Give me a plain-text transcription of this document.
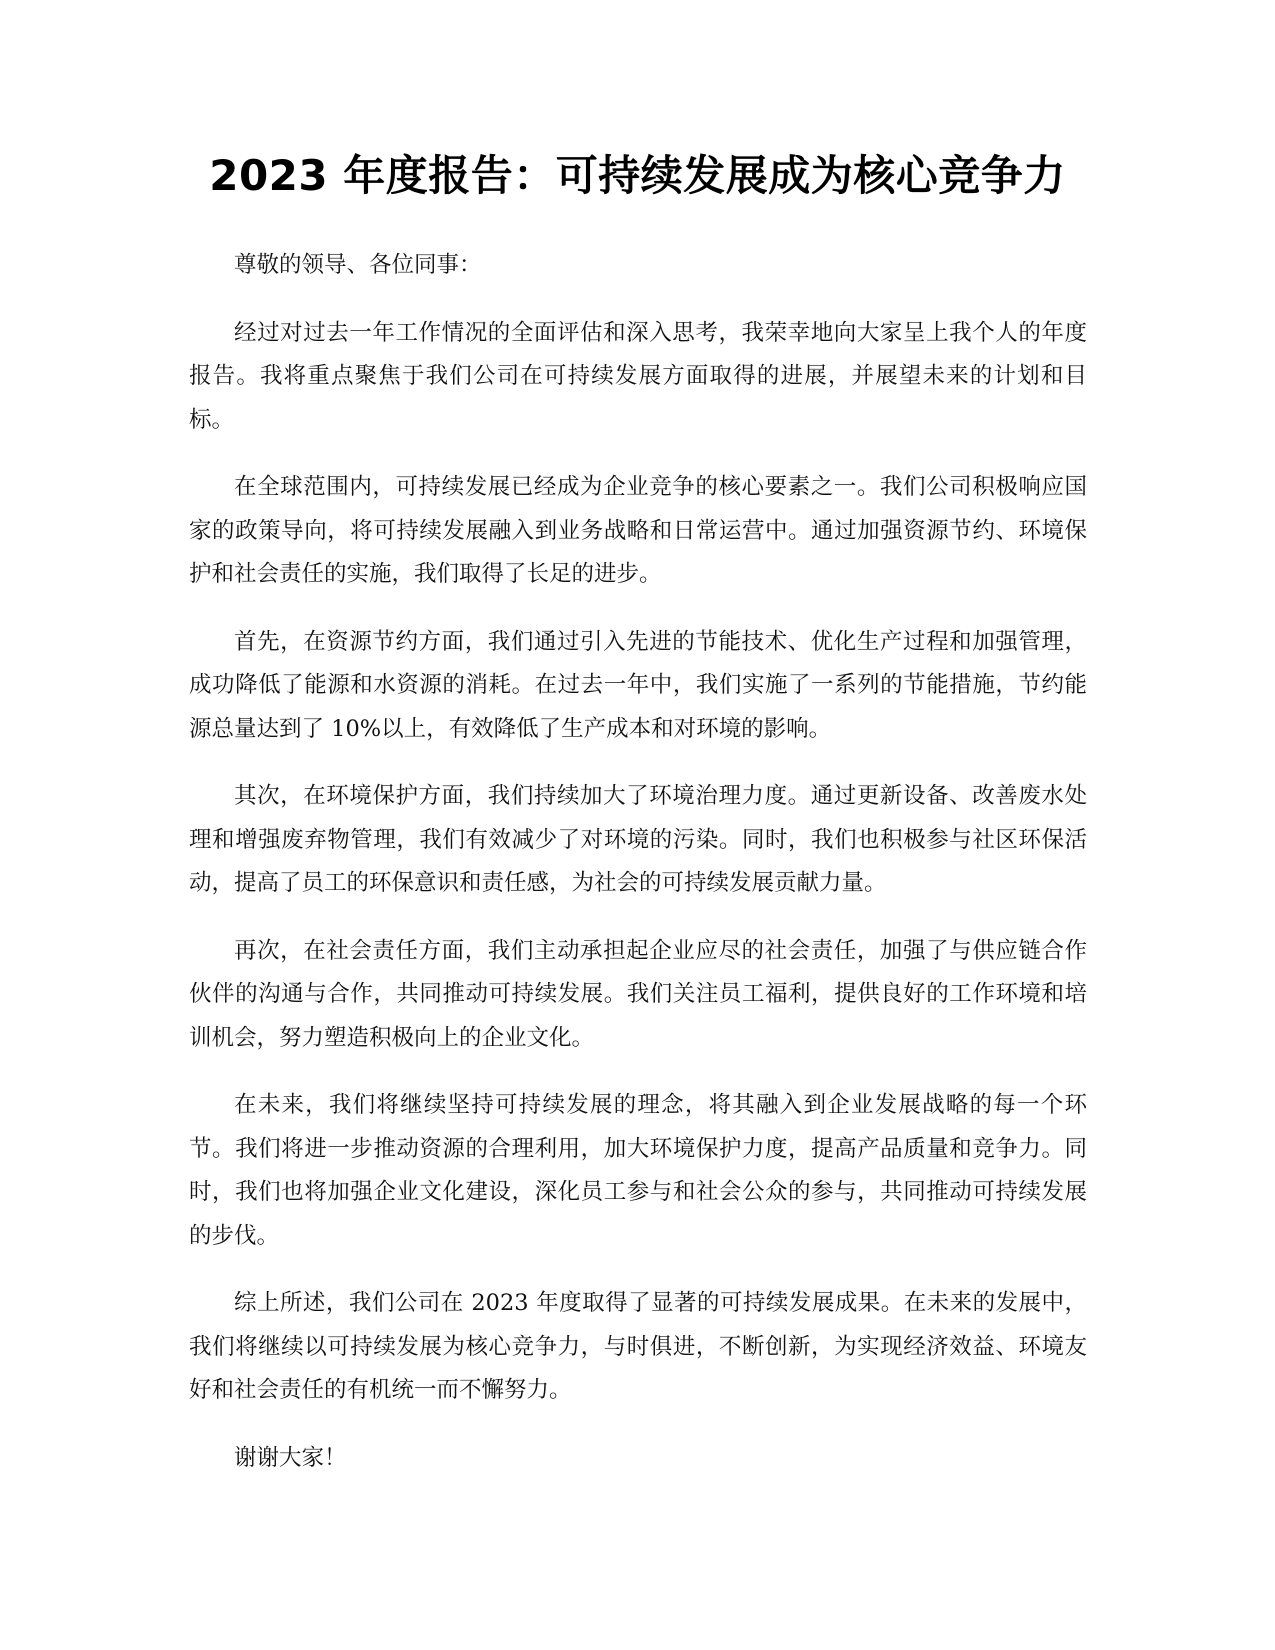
2023 年度报告：可持续发展成为核心竞争力

尊敬的领导、各位同事：

经过对过去一年工作情况的全面评估和深入思考，我荣幸地向大家呈上我个人的年度报告。我将重点聚焦于我们公司在可持续发展方面取得的进展，并展望未来的计划和目标。

在全球范围内，可持续发展已经成为企业竞争的核心要素之一。我们公司积极响应国家的政策导向，将可持续发展融入到业务战略和日常运营中。通过加强资源节约、环境保护和社会责任的实施，我们取得了长足的进步。

首先，在资源节约方面，我们通过引入先进的节能技术、优化生产过程和加强管理，成功降低了能源和水资源的消耗。在过去一年中，我们实施了一系列的节能措施，节约能源总量达到了 10%以上，有效降低了生产成本和对环境的影响。

其次，在环境保护方面，我们持续加大了环境治理力度。通过更新设备、改善废水处理和增强废弃物管理，我们有效减少了对环境的污染。同时，我们也积极参与社区环保活动，提高了员工的环保意识和责任感，为社会的可持续发展贡献力量。

再次，在社会责任方面，我们主动承担起企业应尽的社会责任，加强了与供应链合作伙伴的沟通与合作，共同推动可持续发展。我们关注员工福利，提供良好的工作环境和培训机会，努力塑造积极向上的企业文化。

在未来，我们将继续坚持可持续发展的理念，将其融入到企业发展战略的每一个环节。我们将进一步推动资源的合理利用，加大环境保护力度，提高产品质量和竞争力。同时，我们也将加强企业文化建设，深化员工参与和社会公众的参与，共同推动可持续发展的步伐。

综上所述，我们公司在 2023 年度取得了显著的可持续发展成果。在未来的发展中，我们将继续以可持续发展为核心竞争力，与时俱进，不断创新，为实现经济效益、环境友好和社会责任的有机统一而不懈努力。

谢谢大家！
